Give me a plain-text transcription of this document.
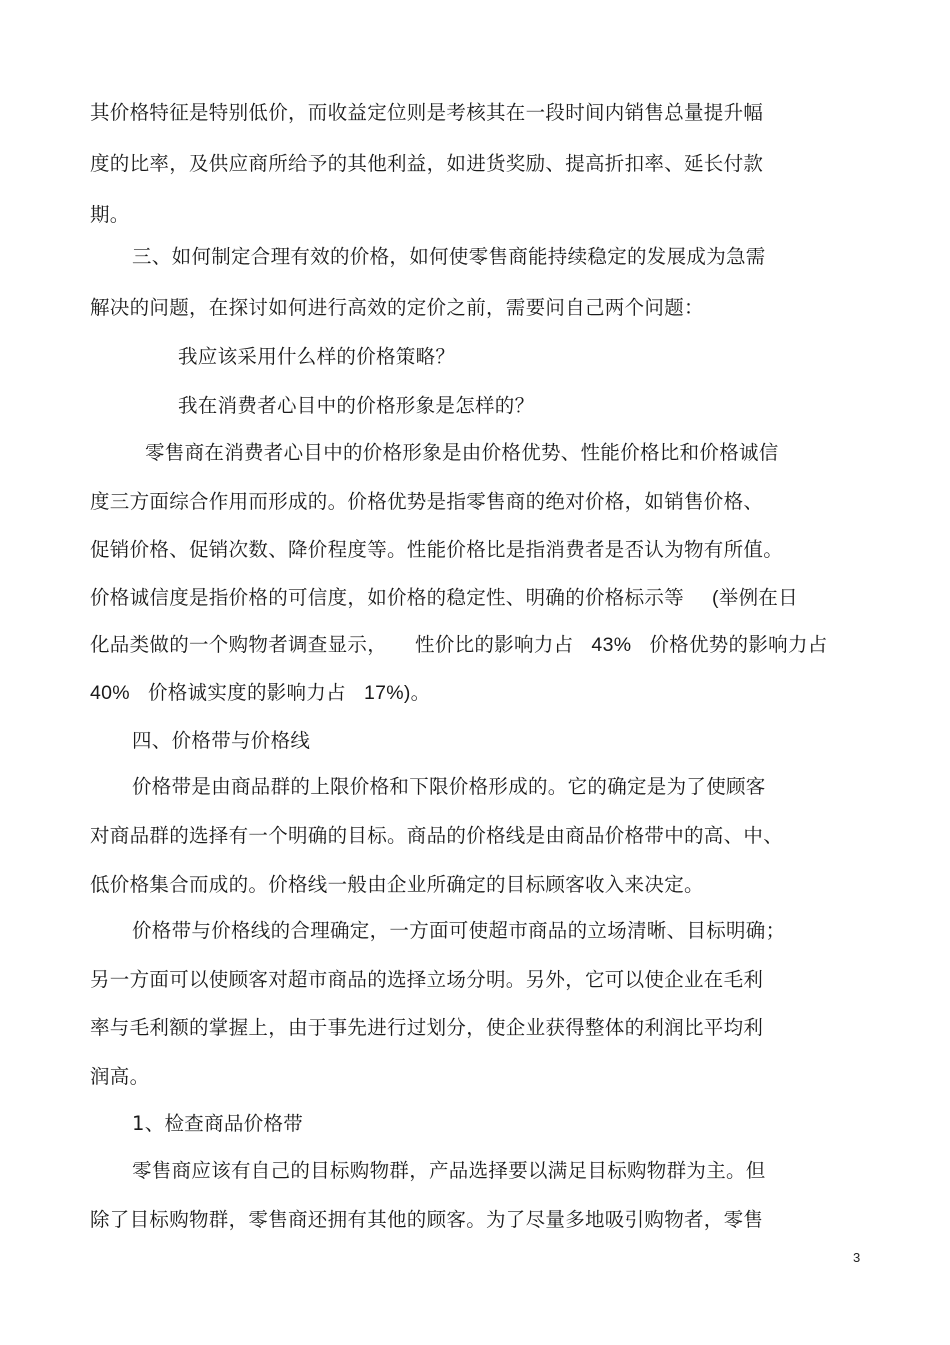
其价格特征是特别低价，而收益定位则是考核其在一段时间内销售总量提升幅
度的比率，及供应商所给予的其他利益，如进货奖励、提高折扣率、延长付款
期。
三、如何制定合理有效的价格，如何使零售商能持续稳定的发展成为急需
解决的问题，在探讨如何进行高效的定价之前，需要问自己两个问题：
我应该采用什么样的价格策略？
我在消费者心目中的价格形象是怎样的？
零售商在消费者心目中的价格形象是由价格优势、性能价格比和价格诚信
度三方面综合作用而形成的。价格优势是指零售商的绝对价格，如销售价格、
促销价格、促销次数、降价程度等。性能价格比是指消费者是否认为物有所值。
价格诚信度是指价格的可信度，如价格的稳定性、明确的价格标示等 (举例在日
化品类做的一个购物者调查显示， 性价比的影响力占 43% 价格优势的影响力占
40% 价格诚实度的影响力占 17%)。
四、价格带与价格线
价格带是由商品群的上限价格和下限价格形成的。它的确定是为了使顾客
对商品群的选择有一个明确的目标。商品的价格线是由商品价格带中的高、中、
低价格集合而成的。价格线一般由企业所确定的目标顾客收入来决定。
价格带与价格线的合理确定，一方面可使超市商品的立场清晰、目标明确；
另一方面可以使顾客对超市商品的选择立场分明。另外，它可以使企业在毛利
率与毛利额的掌握上，由于事先进行过划分，使企业获得整体的利润比平均利
润高。
1、检查商品价格带
零售商应该有自己的目标购物群，产品选择要以满足目标购物群为主。但
除了目标购物群，零售商还拥有其他的顾客。为了尽量多地吸引购物者，零售
3
